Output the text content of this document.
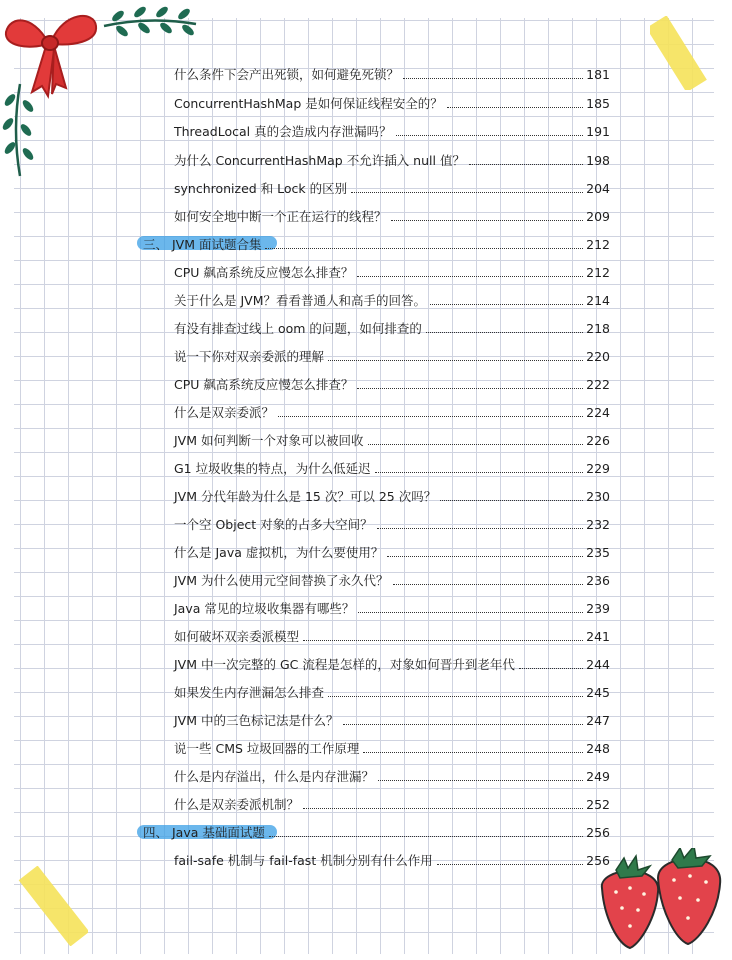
什么条件下会产出死锁，如何避免死锁？	181
ConcurrentHashMap 是如何保证线程安全的？	185
ThreadLocal 真的会造成内存泄漏吗？	191
为什么 ConcurrentHashMap 不允许插入 null 值？	198
synchronized 和 Lock 的区别	204
如何安全地中断一个正在运行的线程？	209
三、 JVM 面试题合集	212
CPU 飙高系统反应慢怎么排查？	212
关于什么是 JVM？看看普通人和高手的回答。	214
有没有排查过线上 oom 的问题，如何排查的	218
说一下你对双亲委派的理解	220
CPU 飙高系统反应慢怎么排查？	222
什么是双亲委派？	224
JVM 如何判断一个对象可以被回收	226
G1 垃圾收集的特点，为什么低延迟	229
JVM 分代年龄为什么是 15 次？可以 25 次吗？	230
一个空 Object 对象的占多大空间？	232
什么是 Java 虚拟机，为什么要使用？	235
JVM 为什么使用元空间替换了永久代？	236
Java 常见的垃圾收集器有哪些？	239
如何破坏双亲委派模型	241
JVM 中一次完整的 GC 流程是怎样的，对象如何晋升到老年代	244
如果发生内存泄漏怎么排查	245
JVM 中的三色标记法是什么？	247
说一些 CMS 垃圾回器的工作原理	248
什么是内存溢出，什么是内存泄漏？	249
什么是双亲委派机制？	252
四、 Java 基础面试题	256
fail-safe 机制与 fail-fast 机制分别有什么作用	256
